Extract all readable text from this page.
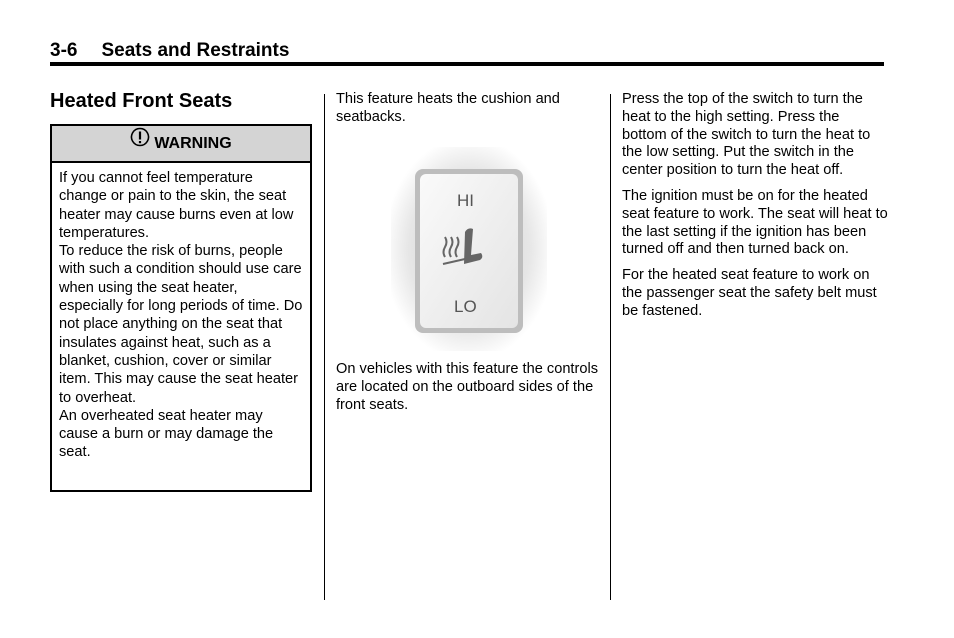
3-6 Seats and Restraints
Heated Front Seats
WARNING

If you cannot feel temperature change or pain to the skin, the seat heater may cause burns even at low temperatures.

To reduce the risk of burns, people with such a condition should use care when using the seat heater, especially for long periods of time. Do not place anything on the seat that insulates against heat, such as a blanket, cushion, cover or similar item. This may cause the seat heater to overheat.

An overheated seat heater may cause a burn or may damage the seat.

This feature heats the cushion and seatbacks.

HI
LO

On vehicles with this feature the controls are located on the outboard sides of the front seats.

Press the top of the switch to turn the heat to the high setting. Press the bottom of the switch to turn the heat to the low setting. Put the switch in the center position to turn the heat off.

The ignition must be on for the heated seat feature to work. The seat will heat to the last setting if the ignition has been turned off and then turned back on.

For the heated seat feature to work on the passenger seat the safety belt must be fastened.
